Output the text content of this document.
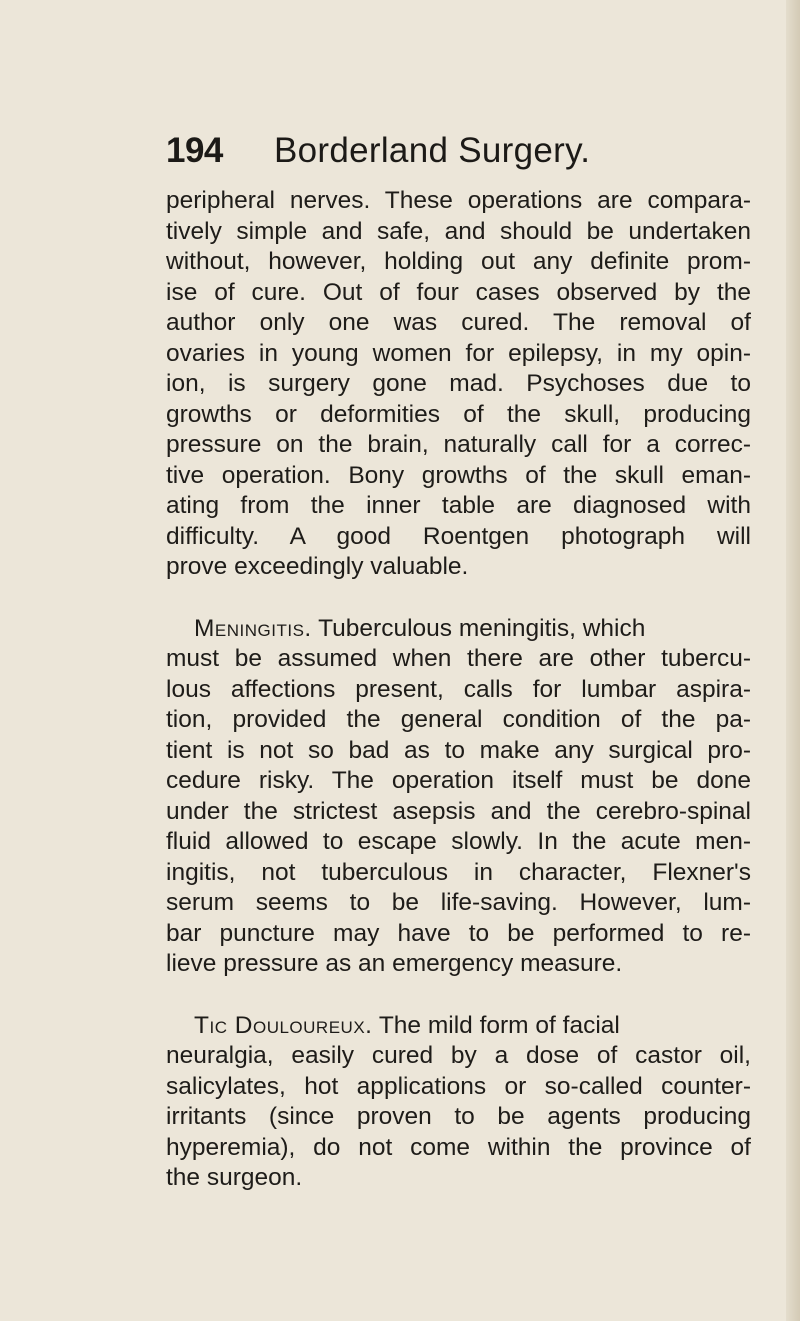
194 Borderland Surgery.
peripheral nerves. These operations are compara-
tively simple and safe, and should be undertaken
without, however, holding out any definite prom-
ise of cure. Out of four cases observed by the
author only one was cured. The removal of
ovaries in young women for epilepsy, in my opin-
ion, is surgery gone mad. Psychoses due to
growths or deformities of the skull, producing
pressure on the brain, naturally call for a correc-
tive operation. Bony growths of the skull eman-
ating from the inner table are diagnosed with
difficulty. A good Roentgen photograph will
prove exceedingly valuable.
Meningitis. Tuberculous meningitis, which
must be assumed when there are other tubercu-
lous affections present, calls for lumbar aspira-
tion, provided the general condition of the pa-
tient is not so bad as to make any surgical pro-
cedure risky. The operation itself must be done
under the strictest asepsis and the cerebro-spinal
fluid allowed to escape slowly. In the acute men-
ingitis, not tuberculous in character, Flexner's
serum seems to be life-saving. However, lum-
bar puncture may have to be performed to re-
lieve pressure as an emergency measure.
Tic Douloureux. The mild form of facial
neuralgia, easily cured by a dose of castor oil,
salicylates, hot applications or so-called counter-
irritants (since proven to be agents producing
hyperemia), do not come within the province of
the surgeon.
